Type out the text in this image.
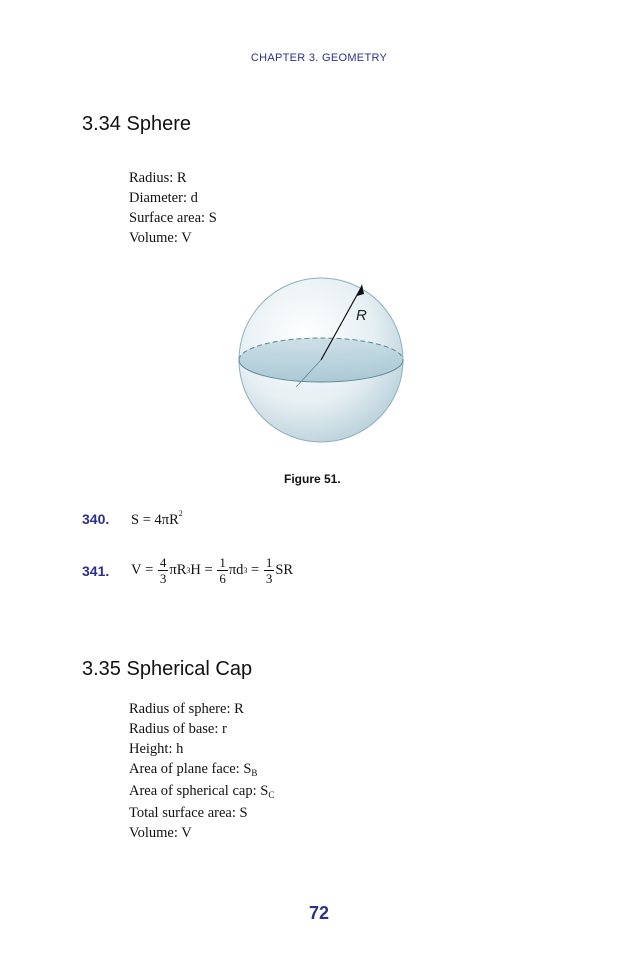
CHAPTER 3. GEOMETRY
3.34 Sphere
Radius: R
Diameter: d
Surface area: S
Volume: V
R
Figure 51.
340. $S = 4\pi R^2$
341. V
=
$\frac{4}{3}$ πR 3 H
=
$\frac{1}{6}$ πd 3
=
$\frac{1}{3}$ SR
3.35 Spherical Cap
Radius of sphere: R
Radius of base: r
Height: h
Area of plane face: $S_B$
Area of spherical cap: $S_C$
Total surface area: S
Volume: V
72
